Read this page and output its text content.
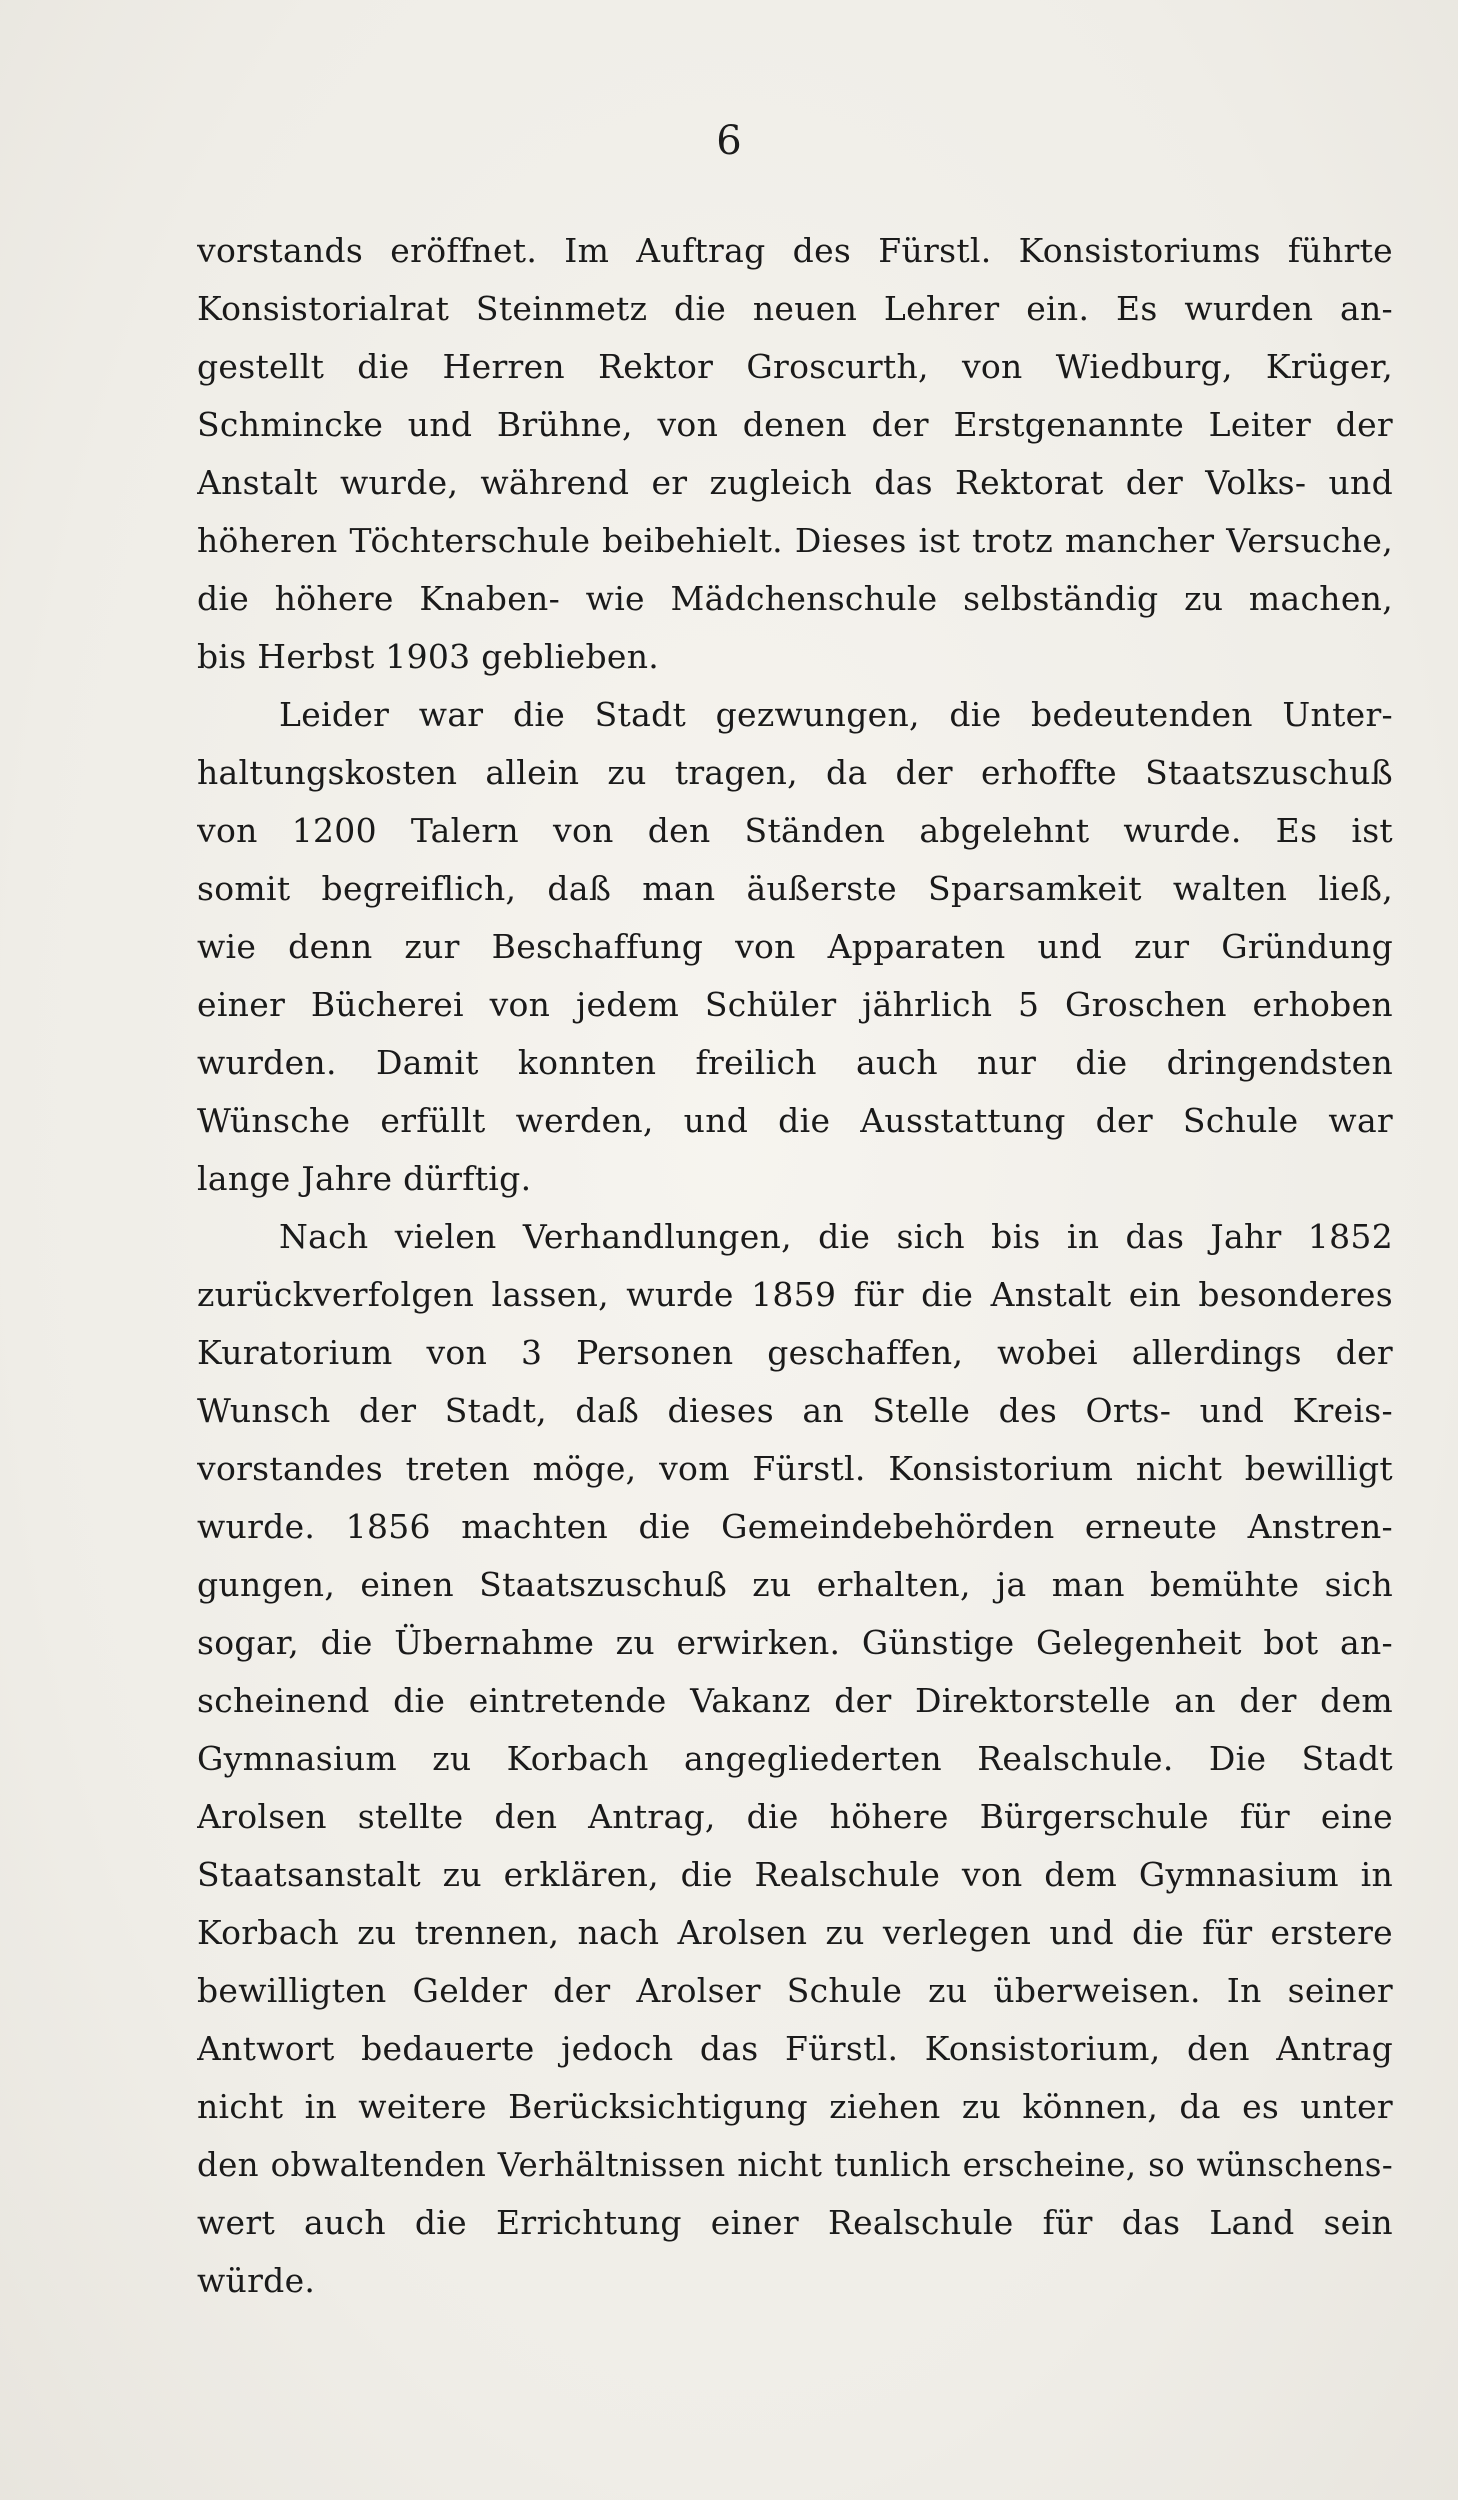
6
vorstands eröffnet. Im Auftrag des Fürstl. Konsistoriums führte
Konsistorialrat Steinmetz die neuen Lehrer ein. Es wurden an-
gestellt die Herren Rektor Groscurth, von Wiedburg, Krüger,
Schmincke und Brühne, von denen der Erstgenannte Leiter der
Anstalt wurde, während er zugleich das Rektorat der Volks- und
höheren Töchterschule beibehielt. Dieses ist trotz mancher Versuche,
die höhere Knaben- wie Mädchenschule selbständig zu machen,
bis Herbst 1903 geblieben.
Leider war die Stadt gezwungen, die bedeutenden Unter-
haltungskosten allein zu tragen, da der erhoffte Staatszuschuß
von 1200 Talern von den Ständen abgelehnt wurde. Es ist
somit begreiflich, daß man äußerste Sparsamkeit walten ließ,
wie denn zur Beschaffung von Apparaten und zur Gründung
einer Bücherei von jedem Schüler jährlich 5 Groschen erhoben
wurden. Damit konnten freilich auch nur die dringendsten
Wünsche erfüllt werden, und die Ausstattung der Schule war
lange Jahre dürftig.
Nach vielen Verhandlungen, die sich bis in das Jahr 1852
zurückverfolgen lassen, wurde 1859 für die Anstalt ein besonderes
Kuratorium von 3 Personen geschaffen, wobei allerdings der
Wunsch der Stadt, daß dieses an Stelle des Orts- und Kreis-
vorstandes treten möge, vom Fürstl. Konsistorium nicht bewilligt
wurde. 1856 machten die Gemeindebehörden erneute Anstren-
gungen, einen Staatszuschuß zu erhalten, ja man bemühte sich
sogar, die Übernahme zu erwirken. Günstige Gelegenheit bot an-
scheinend die eintretende Vakanz der Direktorstelle an der dem
Gymnasium zu Korbach angegliederten Realschule. Die Stadt
Arolsen stellte den Antrag, die höhere Bürgerschule für eine
Staatsanstalt zu erklären, die Realschule von dem Gymnasium in
Korbach zu trennen, nach Arolsen zu verlegen und die für erstere
bewilligten Gelder der Arolser Schule zu überweisen. In seiner
Antwort bedauerte jedoch das Fürstl. Konsistorium, den Antrag
nicht in weitere Berücksichtigung ziehen zu können, da es unter
den obwaltenden Verhältnissen nicht tunlich erscheine, so wünschens-
wert auch die Errichtung einer Realschule für das Land sein
würde.
